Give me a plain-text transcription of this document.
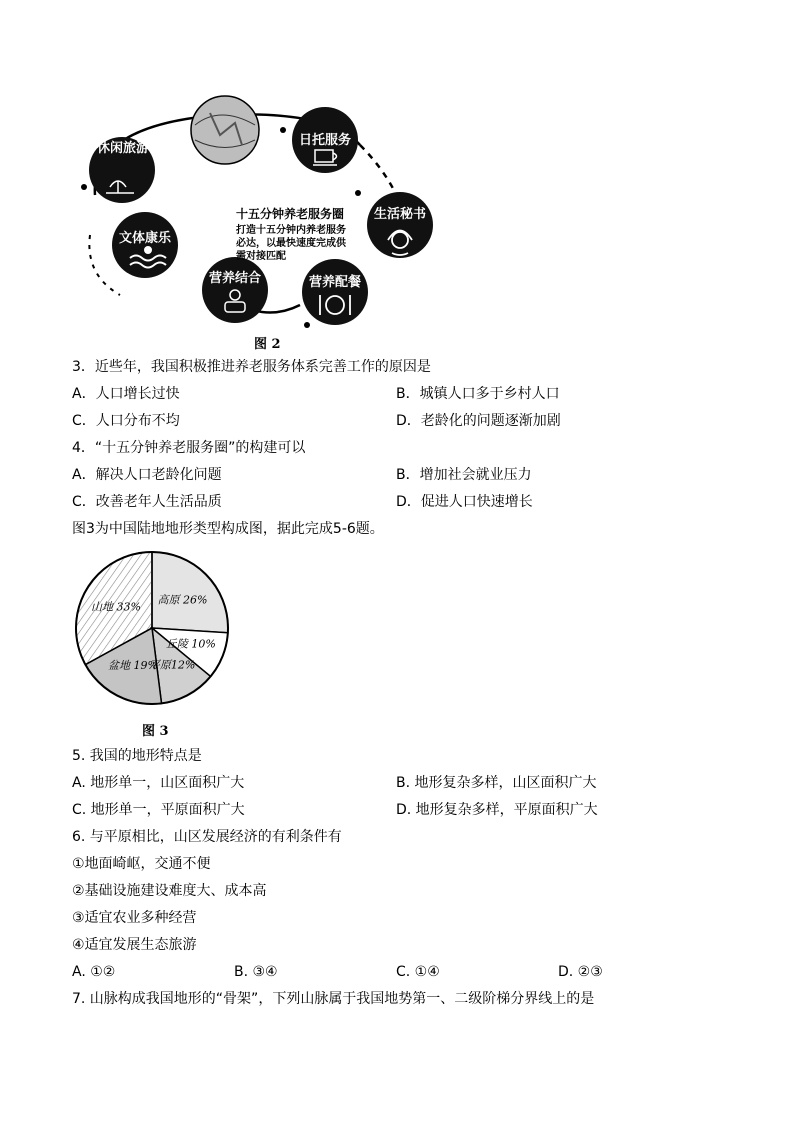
休闲旅游
日托服务
生活秘书
文体康乐
营养结合	营养配餐
十五分钟养老服务圈
打造十五分钟内养老服务
必达，以最快速度完成供
需对接匹配
图 2
3．近些年，我国积极推进养老服务体系完善工作的原因是
A．人口增长过快	B．城镇人口多于乡村人口
C．人口分布不均	D．老龄化的问题逐渐加剧
4．“十五分钟养老服务圈”的构建可以
A．解决人口老龄化问题	B．增加社会就业压力
C．改善老年人生活品质	D．促进人口快速增长
图3为中国陆地地形类型构成图，据此完成5-6题。
高原 26%
丘陵 10%
平原12%
盆地 19%
山地 33%
图 3
5. 我国的地形特点是
A. 地形单一，山区面积广大	B. 地形复杂多样，山区面积广大
C. 地形单一，平原面积广大	D. 地形复杂多样，平原面积广大
6. 与平原相比，山区发展经济的有利条件有
①地面崎岖，交通不便
②基础设施建设难度大、成本高
③适宜农业多种经营
④适宜发展生态旅游
A. ①②	B. ③④	C. ①④	D. ②③
7. 山脉构成我国地形的“骨架”，下列山脉属于我国地势第一、二级阶梯分界线上的是
